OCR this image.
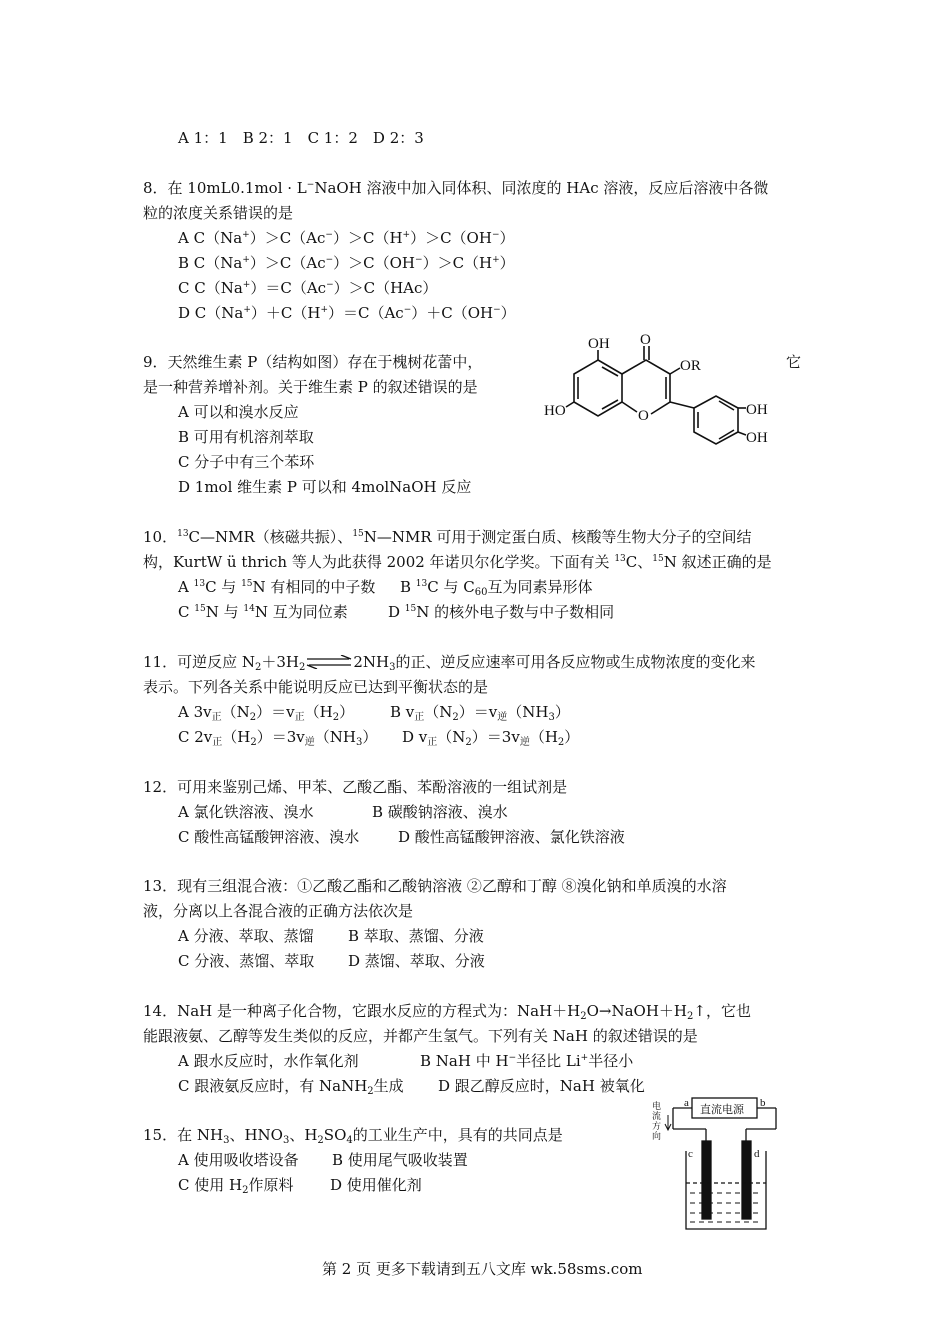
A 1：1　B 2：1　C 1：2　D 2：3
8．在 10mL0.1mol · L−NaOH 溶液中加入同体积、同浓度的 HAc 溶液，反应后溶液中各微
粒的浓度关系错误的是
A C（Na+）＞C（Ac−）＞C（H+）＞C（OH−）
B C（Na+）＞C（Ac−）＞C（OH−）＞C（H+）
C C（Na+）＝C（Ac−）＞C（HAc）
D C（Na+）＋C（H+）＝C（Ac−）＋C（OH−）
9．天然维生素 P（结构如图）存在于槐树花蕾中，	它
是一种营养增补剂。关于维生素 P 的叙述错误的是
A 可以和溴水反应
B 可用有机溶剂萃取
C 分子中有三个苯环
D 1mol 维生素 P 可以和 4molNaOH 反应
OH O
OR
HO	O	OH
OH
10．$^{13}$C—NMR（核磁共振）、$^{15}$N—NMR 可用于测定蛋白质、核酸等生物大分子的空间结
构，KurtW ü thrich 等人为此获得 2002 年诺贝尔化学奖。下面有关 $^{13}$C、$^{15}$N 叙述正确的是
A $^{13}$C 与 $^{15}$N 有相同的中子数 B $^{13}$C 与 $C_{60}$互为同素异形体
C $^{15}$N 与 $^{14}$N 互为同位素	D $^{15}$N 的核外电子数与中子数相同
11．可逆反应 $N_2+3H_2\rightleftharpoons 2NH_3$的正、逆反应速率可用各反应物或生成物浓度的变化来
表示。下列各关系中能说明反应已达到平衡状态的是
A $3v_正(N_2)=v_正(H_2)$ B $v_正(N_2)=v_逆(NH_3)$
C $2v_正(H_2)=3v_逆(NH_3)$ D $v_正(N_2)=3v_逆(H_2)$
12．可用来鉴别己烯、甲苯、乙酸乙酯、苯酚溶液的一组试剂是
A 氯化铁溶液、溴水	B 碳酸钠溶液、溴水
C 酸性高锰酸钾溶液、溴水	D 酸性高锰酸钾溶液、氯化铁溶液
13．现有三组混合液：①乙酸乙酯和乙酸钠溶液 ②乙醇和丁醇 ⑧溴化钠和单质溴的水溶
液，分离以上各混合液的正确方法依次是
A 分液、萃取、蒸馏 B 萃取、蒸馏、分液
C 分液、蒸馏、萃取 D 蒸馏、萃取、分液
14．NaH 是一种离子化合物，它跟水反应的方程式为：$NaH+H_2O\to NaOH+H_2↑$，它也
能跟液氨、乙醇等发生类似的反应，并都产生氢气。下列有关 NaH 的叙述错误的是
A 跟水反应时，水作氧化剂	B NaH 中 H−半径比 Li+半径小
C 跟液氨反应时，有 NaNH$_2$生成 D 跟乙醇反应时，NaH 被氧化
15．在 $NH_3$、$HNO_3$、$H_2SO_4$的工业生产中，具有的共同点是
A 使用吸收塔设备 B 使用尾气吸收装置
C 使用 $H_2$作原料 D 使用催化剂
直流电源
a	b
c	d
电
流
方
向
第 2 页 更多下载请到五八文库 wk.58sms.com
